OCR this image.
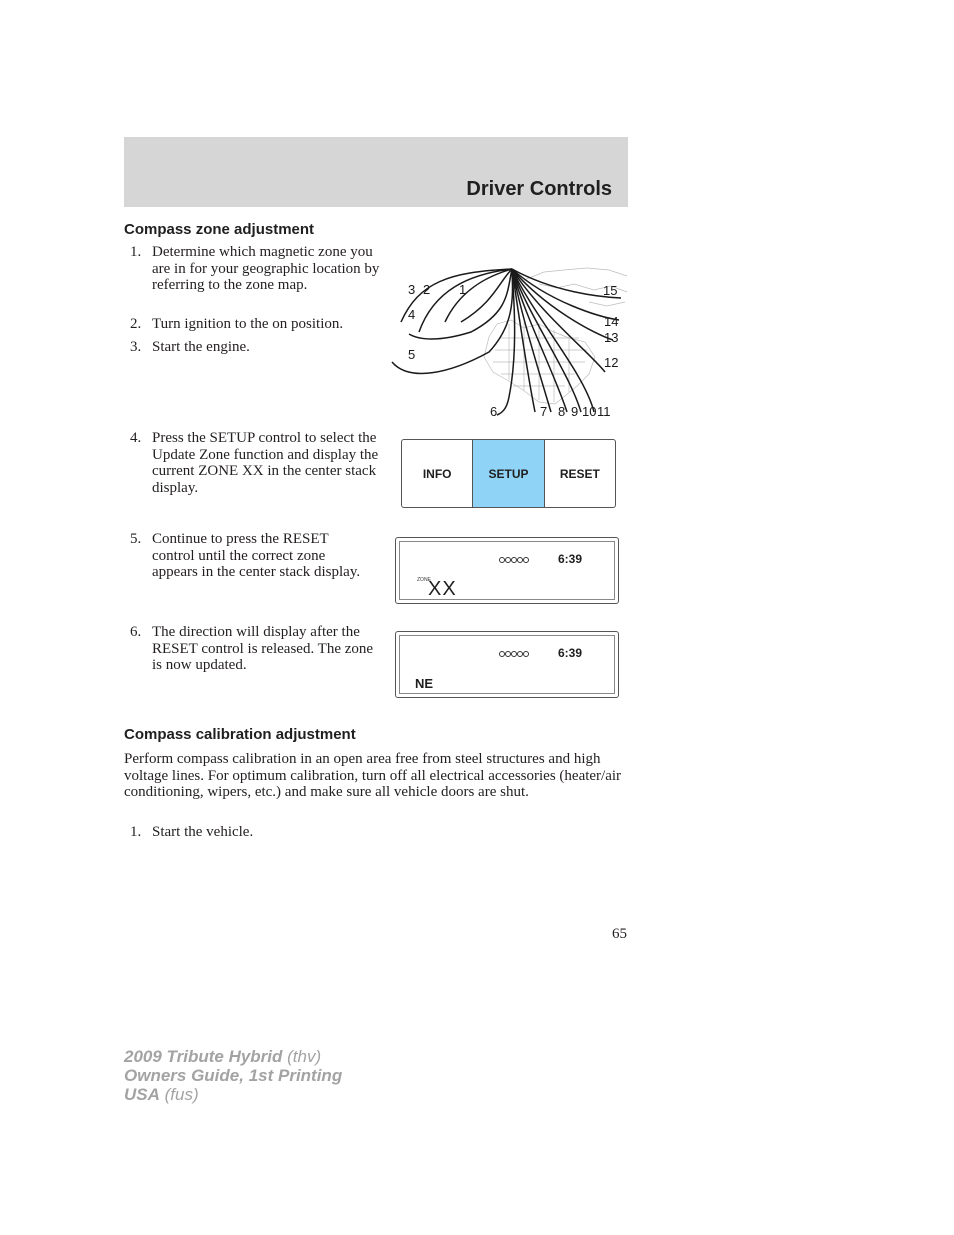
Driver Controls
Compass zone adjustment
1. Determine which magnetic zone you are in for your geographic location by referring to the zone map.
2. Turn ignition to the on position.
3. Start the engine.
1
2
3
4
5
6	7 8 9 10 11
12
13
14
15
4. Press the SETUP control to select the Update Zone function and display the current ZONE XX in the center stack display.
INFO	SETUP	RESET
5. Continue to press the RESET control until the correct zone appears in the center stack display.
6:39
ZONE
XX
6. The direction will display after the RESET control is released. The zone is now updated.
6:39
NE
Compass calibration adjustment

Perform compass calibration in an open area free from steel structures and high voltage lines. For optimum calibration, turn off all electrical accessories (heater/air conditioning, wipers, etc.) and make sure all vehicle doors are shut.

1. Start the vehicle.

65

2009 Tribute Hybrid (thv)
Owners Guide, 1st Printing
USA (fus)
